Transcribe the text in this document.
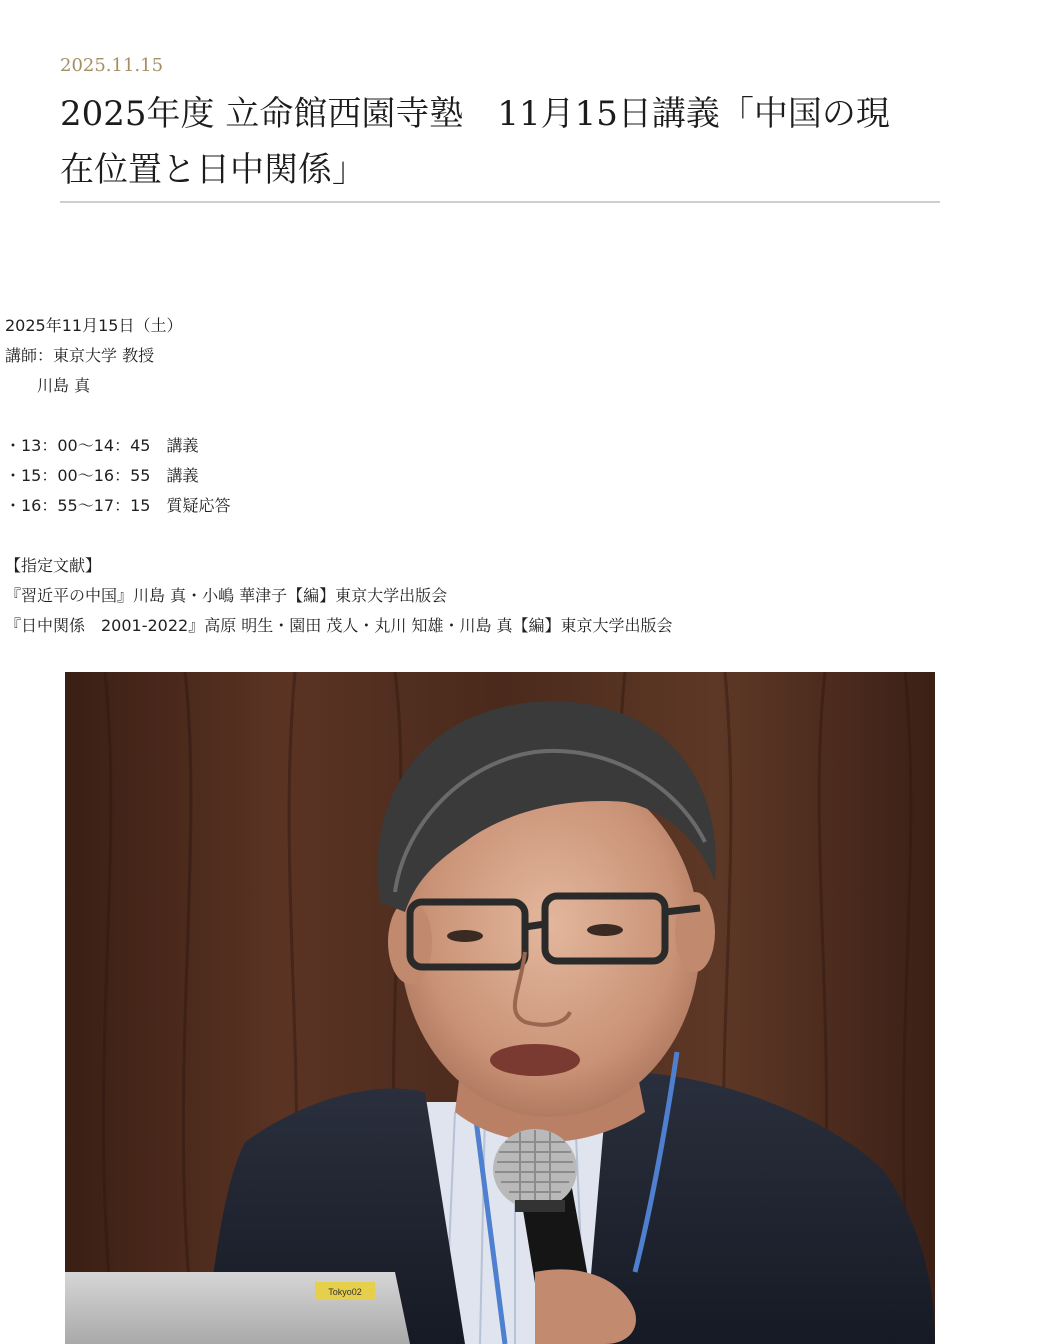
2025.11.15
2025年度 立命館西園寺塾　11月15日講義「中国の現
在位置と日中関係」

2025年11月15日（土）

講師：東京大学 教授

　　川島 真

・13：00〜14：45　講義

・15：00〜16：55　講義

・16：55〜17：15　質疑応答

【指定文献】

『習近平の中国』川島 真・小嶋 華津子【編】東京大学出版会

『日中関係　2001-2022』高原 明生・園田 茂人・丸川 知雄・川島 真【編】東京大学出版会

Tokyo02
